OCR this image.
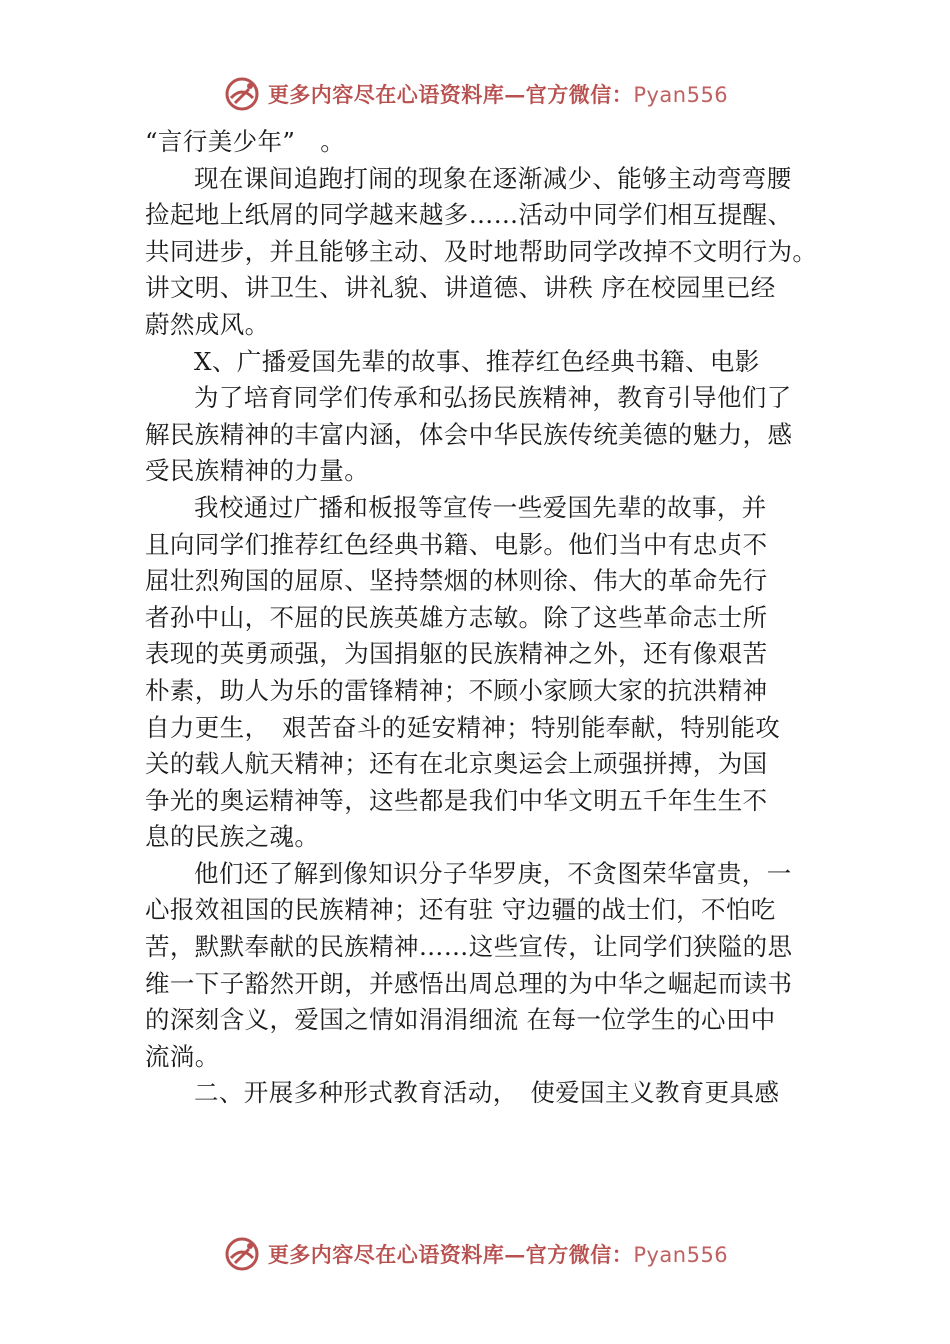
更多内容尽在心语资料库—官方微信：Pyan556
“言行美少年”　。
现在课间追跑打闹的现象在逐渐减少、能够主动弯弯腰
捡起地上纸屑的同学越来越多……活动中同学们相互提醒、
共同进步，并且能够主动、及时地帮助同学改掉不文明行为。
讲文明、讲卫生、讲礼貌、讲道德、讲秩 序在校园里已经
蔚然成风。
X、广播爱国先辈的故事、推荐红色经典书籍、电影
为了培育同学们传承和弘扬民族精神，教育引导他们了
解民族精神的丰富内涵，体会中华民族传统美德的魅力，感
受民族精神的力量。
我校通过广播和板报等宣传一些爱国先辈的故事，并
且向同学们推荐红色经典书籍、电影。他们当中有忠贞不
屈壮烈殉国的屈原、坚持禁烟的林则徐、伟大的革命先行
者孙中山，不屈的民族英雄方志敏。除了这些革命志士所
表现的英勇顽强，为国捐躯的民族精神之外，还有像艰苦
朴素，助人为乐的雷锋精神；不顾小家顾大家的抗洪精神
自力更生，　艰苦奋斗的延安精神；特别能奉献，特别能攻
关的载人航天精神；还有在北京奥运会上顽强拼搏，为国
争光的奥运精神等，这些都是我们中华文明五千年生生不
息的民族之魂。
他们还了解到像知识分子华罗庚，不贪图荣华富贵，一
心报效祖国的民族精神；还有驻 守边疆的战士们，不怕吃
苦，默默奉献的民族精神……这些宣传，让同学们狭隘的思
维一下子豁然开朗，并感悟出周总理的为中华之崛起而读书
的深刻含义，爱国之情如涓涓细流 在每一位学生的心田中
流淌。
二、开展多种形式教育活动，　使爱国主义教育更具感
更多内容尽在心语资料库—官方微信：Pyan556
